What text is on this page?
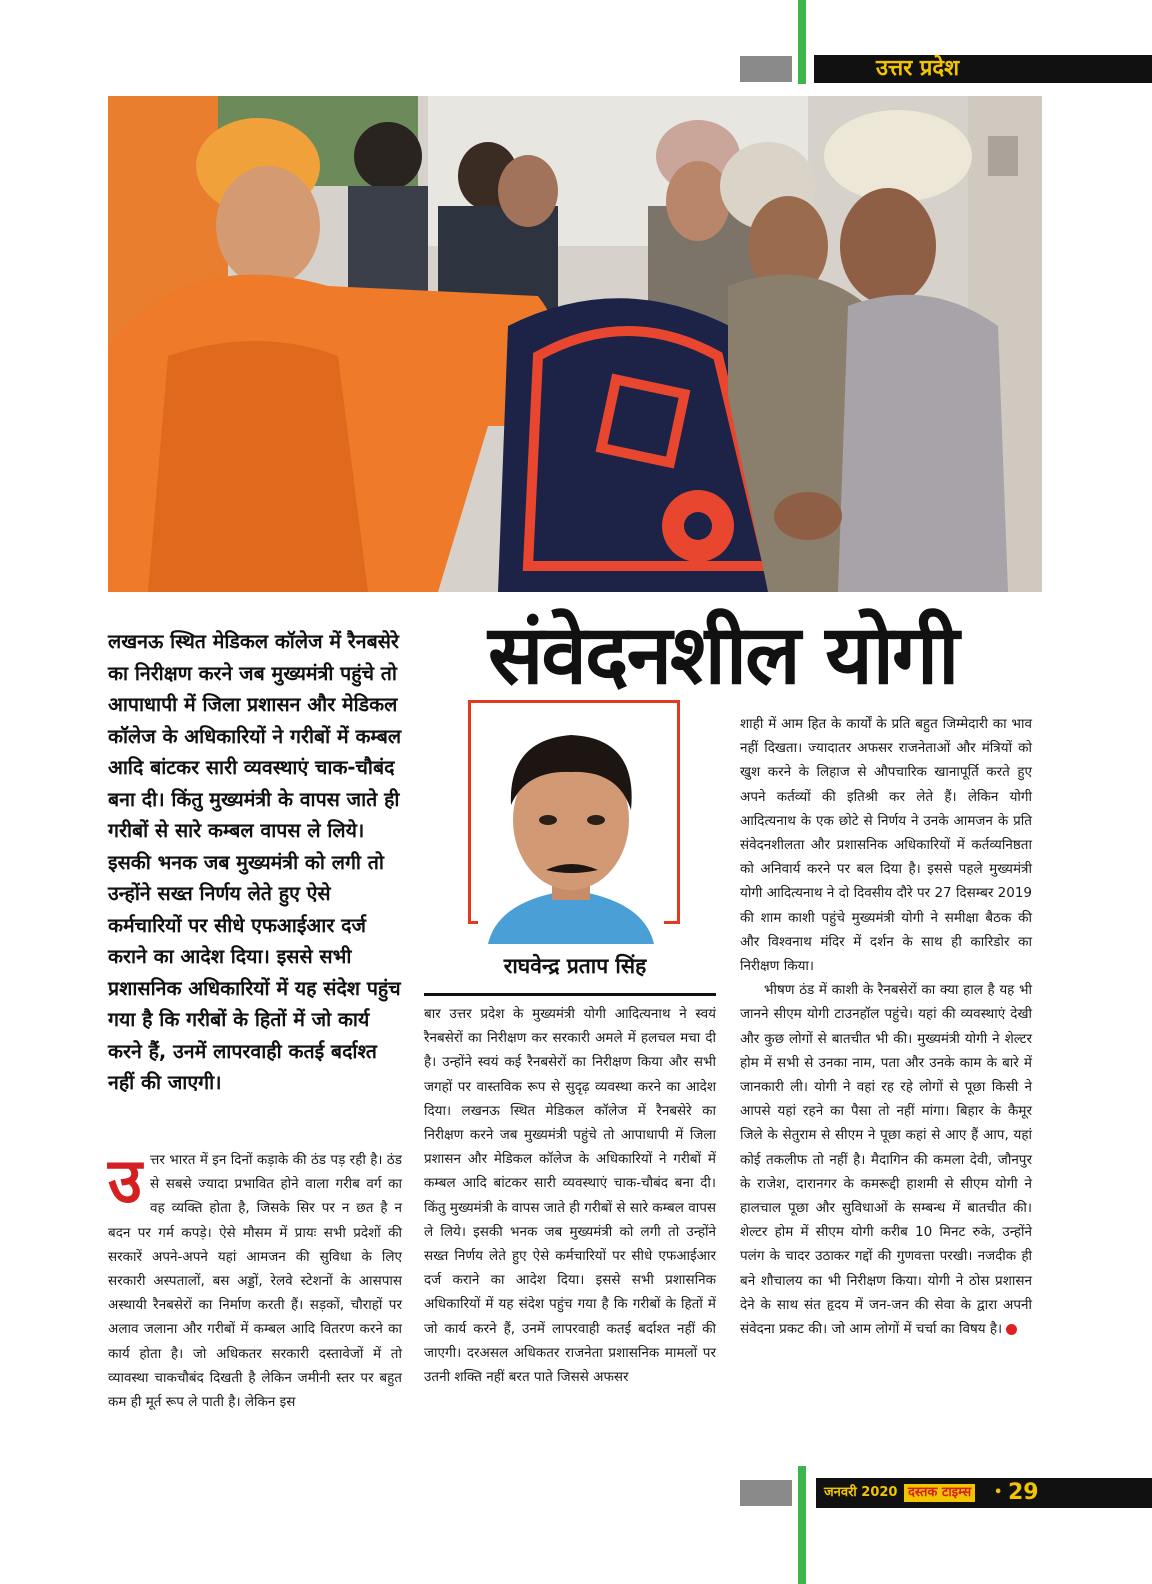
उत्तर प्रदेश
लखनऊ स्थित मेडिकल कॉलेज में रैनबसेरे का निरीक्षण करने जब मुख्यमंत्री पहुंचे तो आपाधापी में जिला प्रशासन और मेडिकल कॉलेज के अधिकारियों ने गरीबों में कम्बल आदि बांटकर सारी व्यवस्थाएं चाक-चौबंद बना दी। किंतु मुख्यमंत्री के वापस जाते ही गरीबों से सारे कम्बल वापस ले लिये। इसकी भनक जब मुख्यमंत्री को लगी तो उन्होंने सख्त निर्णय लेते हुए ऐसे कर्मचारियों पर सीधे एफआईआर दर्ज कराने का आदेश दिया। इससे सभी प्रशासनिक अधिकारियों में यह संदेश पहुंच गया है कि गरीबों के हितों में जो कार्य करने हैं, उनमें लापरवाही कतई बर्दाश्त नहीं की जाएगी।
संवेदनशील योगी
राघवेन्द्र प्रताप सिंह

उत्तर भारत में इन दिनों कड़ाके की ठंड पड़ रही है। ठंड से सबसे ज्यादा प्रभावित होने वाला गरीब वर्ग का वह व्यक्ति होता है, जिसके सिर पर न छत है न बदन पर गर्म कपड़े। ऐसे मौसम में प्रायः सभी प्रदेशों की सरकारें अपने-अपने यहां आमजन की सुविधा के लिए सरकारी अस्पतालों, बस अड्डों, रेलवे स्टेशनों के आसपास अस्थायी रैनबसेरों का निर्माण करती हैं। सड़कों, चौराहों पर अलाव जलाना और गरीबों में कम्बल आदि वितरण करने का कार्य होता है। जो अधिकतर सरकारी दस्तावेजों में तो व्यावस्था चाकचौबंद दिखती है लेकिन जमीनी स्तर पर बहुत कम ही मूर्त रूप ले पाती है। लेकिन इस

बार उत्तर प्रदेश के मुख्यमंत्री योगी आदित्यनाथ ने स्वयं रैनबसेरों का निरीक्षण कर सरकारी अमले में हलचल मचा दी है। उन्होंने स्वयं कई रैनबसेरों का निरीक्षण किया और सभी जगहों पर वास्तविक रूप से सुदृढ़ व्यवस्था करने का आदेश दिया। लखनऊ स्थित मेडिकल कॉलेज में रैनबसेरे का निरीक्षण करने जब मुख्यमंत्री पहुंचे तो आपाधापी में जिला प्रशासन और मेडिकल कॉलेज के अधिकारियों ने गरीबों में कम्बल आदि बांटकर सारी व्यवस्थाएं चाक-चौबंद बना दी। किंतु मुख्यमंत्री के वापस जाते ही गरीबों से सारे कम्बल वापस ले लिये। इसकी भनक जब मुख्यमंत्री को लगी तो उन्होंने सख्त निर्णय लेते हुए ऐसे कर्मचारियों पर सीधे एफआईआर दर्ज कराने का आदेश दिया। इससे सभी प्रशासनिक अधिकारियों में यह संदेश पहुंच गया है कि गरीबों के हितों में जो कार्य करने हैं, उनमें लापरवाही कतई बर्दाश्त नहीं की जाएगी। दरअसल अधिकतर राजनेता प्रशासनिक मामलों पर उतनी शक्ति नहीं बरत पाते जिससे अफसर

शाही में आम हित के कार्यों के प्रति बहुत जिम्मेदारी का भाव नहीं दिखता। ज्यादातर अफसर राजनेताओं और मंत्रियों को खुश करने के लिहाज से औपचारिक खानापूर्ति करते हुए अपने कर्तव्यों की इतिश्री कर लेते हैं। लेकिन योगी आदित्यनाथ के एक छोटे से निर्णय ने उनके आमजन के प्रति संवेदनशीलता और प्रशासनिक अधिकारियों में कर्तव्यनिष्ठता को अनिवार्य करने पर बल दिया है। इससे पहले मुख्यमंत्री योगी आदित्यनाथ ने दो दिवसीय दौरे पर 27 दिसम्बर 2019 की शाम काशी पहुंचे मुख्यमंत्री योगी ने समीक्षा बैठक की और विश्वनाथ मंदिर में दर्शन के साथ ही कारिडोर का निरीक्षण किया।

भीषण ठंड में काशी के रैनबसेरों का क्या हाल है यह भी जानने सीएम योगी टाउनहॉल पहुंचे। यहां की व्यवस्थाएं देखी और कुछ लोगों से बातचीत भी की। मुख्यमंत्री योगी ने शेल्टर होम में सभी से उनका नाम, पता और उनके काम के बारे में जानकारी ली। योगी ने वहां रह रहे लोगों से पूछा किसी ने आपसे यहां रहने का पैसा तो नहीं मांगा। बिहार के कैमूर जिले के सेतुराम से सीएम ने पूछा कहां से आए हैं आप, यहां कोई तकलीफ तो नहीं है। मैदागिन की कमला देवी, जौनपुर के राजेश, दारानगर के कमरूद्दी हाशमी से सीएम योगी ने हालचाल पूछा और सुविधाओं के सम्बन्ध में बातचीत की। शेल्टर होम में सीएम योगी करीब 10 मिनट रुके, उन्होंने पलंग के चादर उठाकर गद्दों की गुणवत्ता परखी। नजदीक ही बने शौचालय का भी निरीक्षण किया। योगी ने ठोस प्रशासन देने के साथ संत हृदय में जन-जन की सेवा के द्वारा अपनी संवेदना प्रकट की। जो आम लोगों में चर्चा का विषय है।

जनवरी 2020 दस्तक टाइम्स	• 29
